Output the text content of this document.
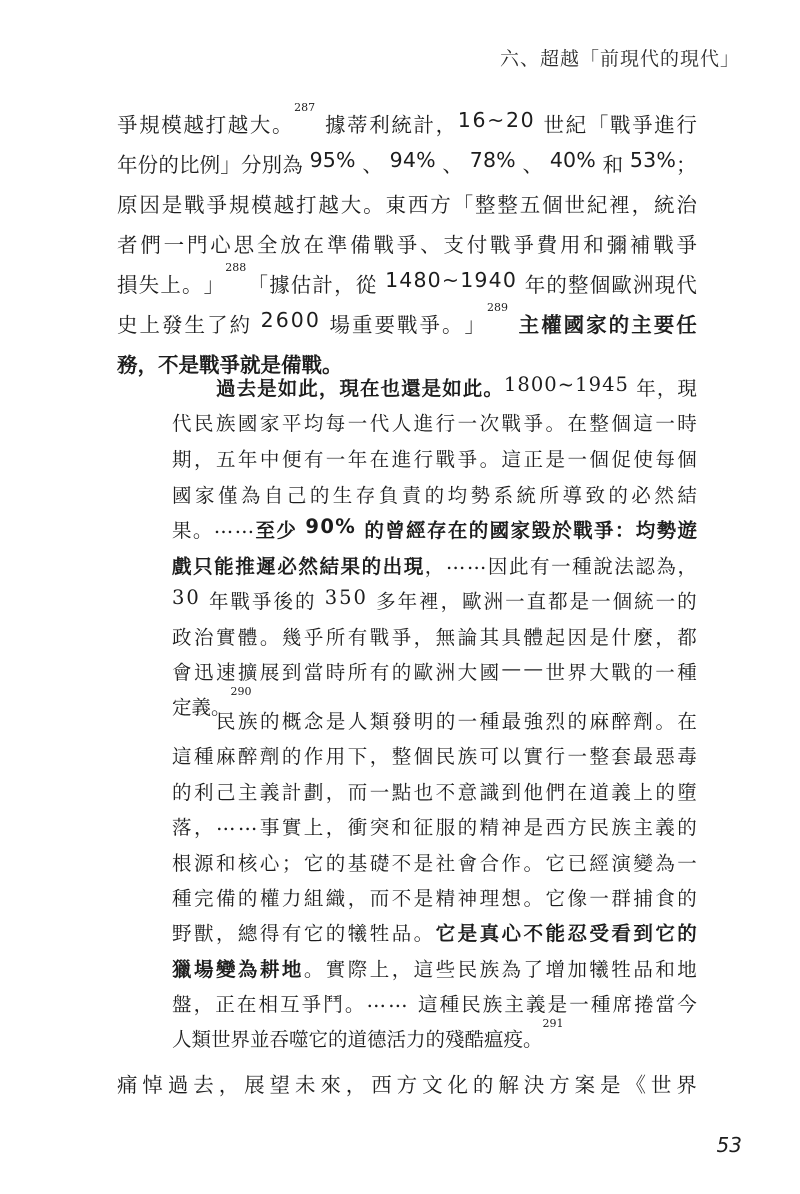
六、超越「前現代的現代」
爭 規 模 越 打 越 大 。
287

據 蒂 利 統 計 ， 1 6 ~ 2 0
世 紀 「 戰 爭 進 行
年 份 的 比 例 」 分 別 為
9 5 %
、
9 4 %
、
7 8 %
、
4 0 %
和
5 3 % ；
原 因 是 戰 爭 規 模 越 打 越 大 。 東 西 方 「 整 整 五 個 世 紀 裡 ， 統 治
者 們 一 門 心 思 全 放 在 準 備 戰 爭 、 支 付 戰 爭 費 用 和 彌 補 戰 爭
損 失 上 。 」
288
「 據 估 計 ， 從
1 4 8 0 ~ 1 9 4 0
年 的 整 個 歐 洲 現 代
史 上 發 生 了 約
2 6 0 0
場 重 要 戰 爭 。 」
289

主 權 國 家 的 主 要 任
務，不是戰爭就是備戰。
過 去 是 如 此 ， 現 在 也 還 是 如 此 。 1 8 0 0 ~ 1 9 4 5
年 ， 現
代 民 族 國 家 平 均 每 一 代 人 進 行 一 次 戰 爭 。 在 整 個 這 一 時
期 ， 五 年 中 便 有 一 年 在 進 行 戰 爭 。 這 正 是 一 個 促 使 每 個
國 家 僅 為 自 己 的 生 存 負 責 的 均 勢 系 統 所 導 致 的 必 然 結
果 。 … … 至 少
9 0 %
的 曾 經 存 在 的 國 家 毀 於 戰 爭 ： 均 勢 遊
戲 只 能 推 遲 必 然 結 果 的 出 現 ， … … 因 此 有 一 種 說 法 認 為 ，
3 0
年 戰 爭 後 的
3 5 0
多 年 裡 ， 歐 洲 一 直 都 是 一 個 統 一 的
政 治 實 體 。 幾 乎 所 有 戰 爭 ， 無 論 其 具 體 起 因 是 什 麼 ， 都
會 迅 速 擴 展 到 當 時 所 有 的 歐 洲 大 國 — — 世 界 大 戰 的 一 種
定義。
290
民 族 的 概 念 是 人 類 發 明 的 一 種 最 強 烈 的 麻 醉 劑 。 在
這 種 麻 醉 劑 的 作 用 下 ， 整 個 民 族 可 以 實 行 一 整 套 最 惡 毒
的 利 己 主 義 計 劃 ， 而 一 點 也 不 意 識 到 他 們 在 道 義 上 的 墮
落 ， … … 事 實 上 ， 衝 突 和 征 服 的 精 神 是 西 方 民 族 主 義 的
根 源 和 核 心 ； 它 的 基 礎 不 是 社 會 合 作 。 它 已 經 演 變 為 一
種 完 備 的 權 力 組 織 ， 而 不 是 精 神 理 想 。 它 像 一 群 捕 食 的
野 獸 ， 總 得 有 它 的 犧 牲 品 。 它 是 真 心 不 能 忍 受 看 到 它 的
獵 場 變 為 耕 地 。 實 際 上 ， 這 些 民 族 為 了 增 加 犧 牲 品 和 地
盤 ， 正 在 相 互 爭 鬥 。 … …
這 種 民 族 主 義 是 一 種 席 捲 當 今
人類世界並吞噬它的道德活力的殘酷瘟疫。
291
痛 悼 過 去 ， 展 望 未 來 ， 西 方 文 化 的 解 決 方 案 是 《 世 界
53
